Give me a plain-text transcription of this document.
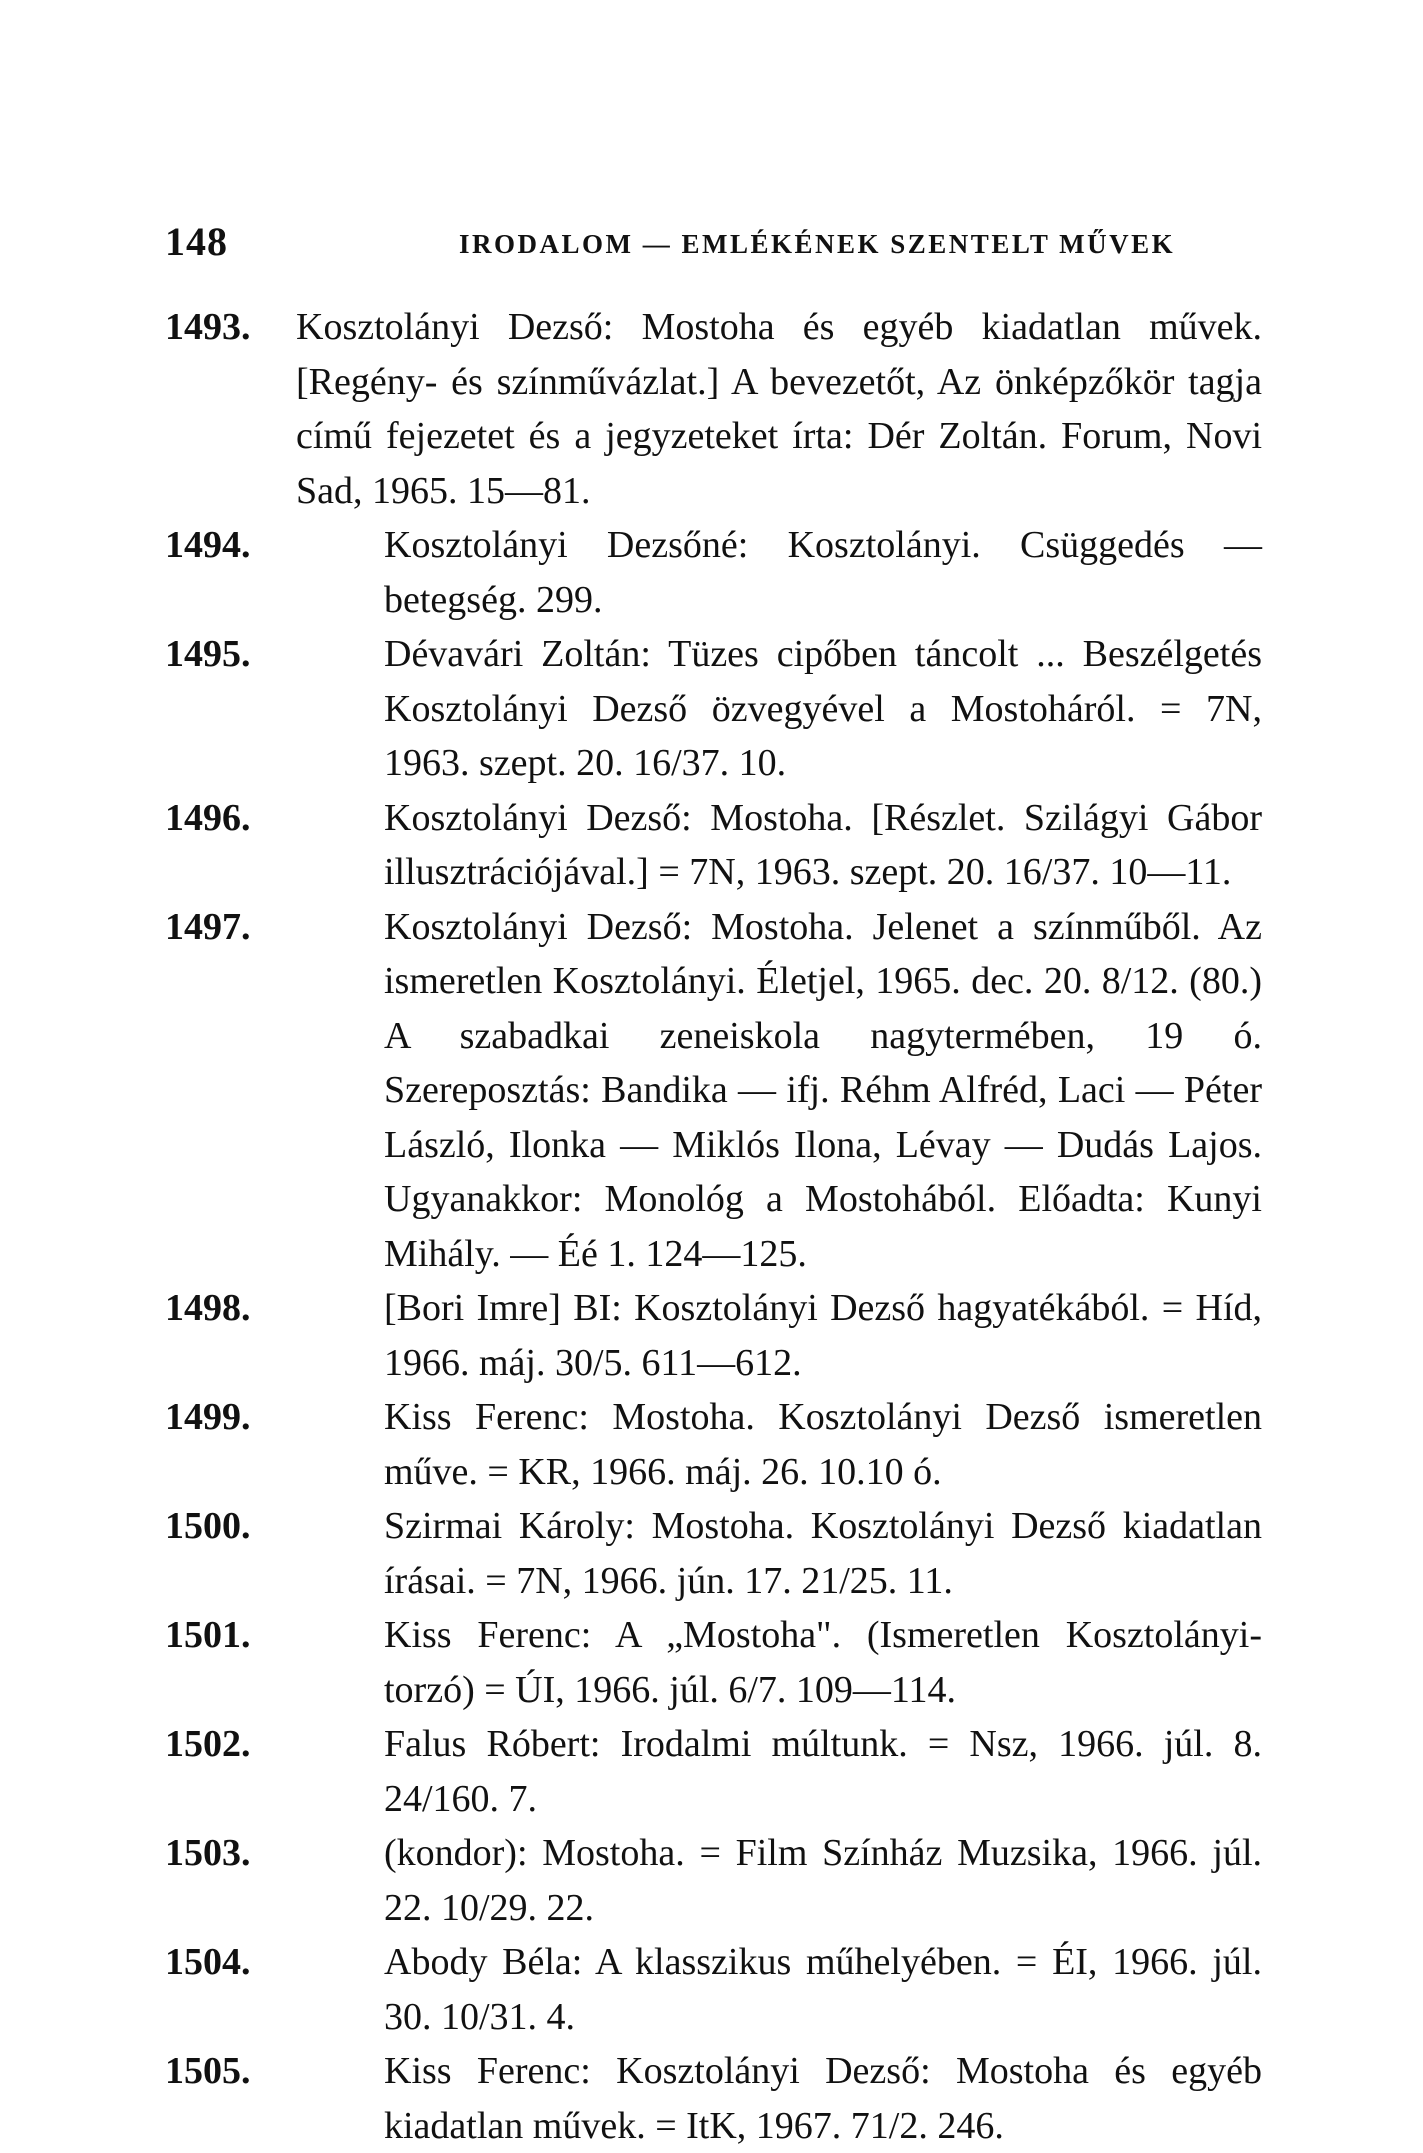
148	IRODALOM — EMLÉKÉNEK SZENTELT MŰVEK
1493. Kosztolányi Dezső: Mostoha és egyéb kiadatlan művek. [Regény- és színművázlat.] A bevezetőt, Az önképzőkör tagja című fejezetet és a jegyzeteket írta: Dér Zoltán. Forum, Novi Sad, 1965. 15—81.
1494.	Kosztolányi Dezsőné: Kosztolányi. Csüggedés — betegség. 299.
1495.	Dévavári Zoltán: Tüzes cipőben táncolt ... Beszélgetés Kosztolányi Dezső özvegyével a Mostoháról. = 7N, 1963. szept. 20. 16/37. 10.
1496.	Kosztolányi Dezső: Mostoha. [Részlet. Szilágyi Gábor illusztrációjával.] = 7N, 1963. szept. 20. 16/37. 10—11.
1497.	Kosztolányi Dezső: Mostoha. Jelenet a színműből. Az ismeretlen Kosztolányi. Életjel, 1965. dec. 20. 8/12. (80.) A szabadkai zeneiskola nagytermében, 19 ó. Szereposztás: Bandika — ifj. Réhm Alfréd, Laci — Péter László, Ilonka — Miklós Ilona, Lévay — Dudás Lajos. Ugyanakkor: Monológ a Mostohából. Előadta: Kunyi Mihály. — Éé 1. 124—125.
1498.	[Bori Imre] BI: Kosztolányi Dezső hagyatékából. = Híd, 1966. máj. 30/5. 611—612.
1499.	Kiss Ferenc: Mostoha. Kosztolányi Dezső ismeretlen műve. = KR, 1966. máj. 26. 10.10 ó.
1500.	Szirmai Károly: Mostoha. Kosztolányi Dezső kiadatlan írásai. = 7N, 1966. jún. 17. 21/25. 11.
1501.	Kiss Ferenc: A „Mostoha". (Ismeretlen Kosztolányi-torzó) = ÚI, 1966. júl. 6/7. 109—114.
1502.	Falus Róbert: Irodalmi múltunk. = Nsz, 1966. júl. 8. 24/160. 7.
1503.	(kondor): Mostoha. = Film Színház Muzsika, 1966. júl. 22. 10/29. 22.
1504.	Abody Béla: A klasszikus műhelyében. = ÉI, 1966. júl. 30. 10/31. 4.
1505.	Kiss Ferenc: Kosztolányi Dezső: Mostoha és egyéb kiadatlan művek. = ItK, 1967. 71/2. 246.
